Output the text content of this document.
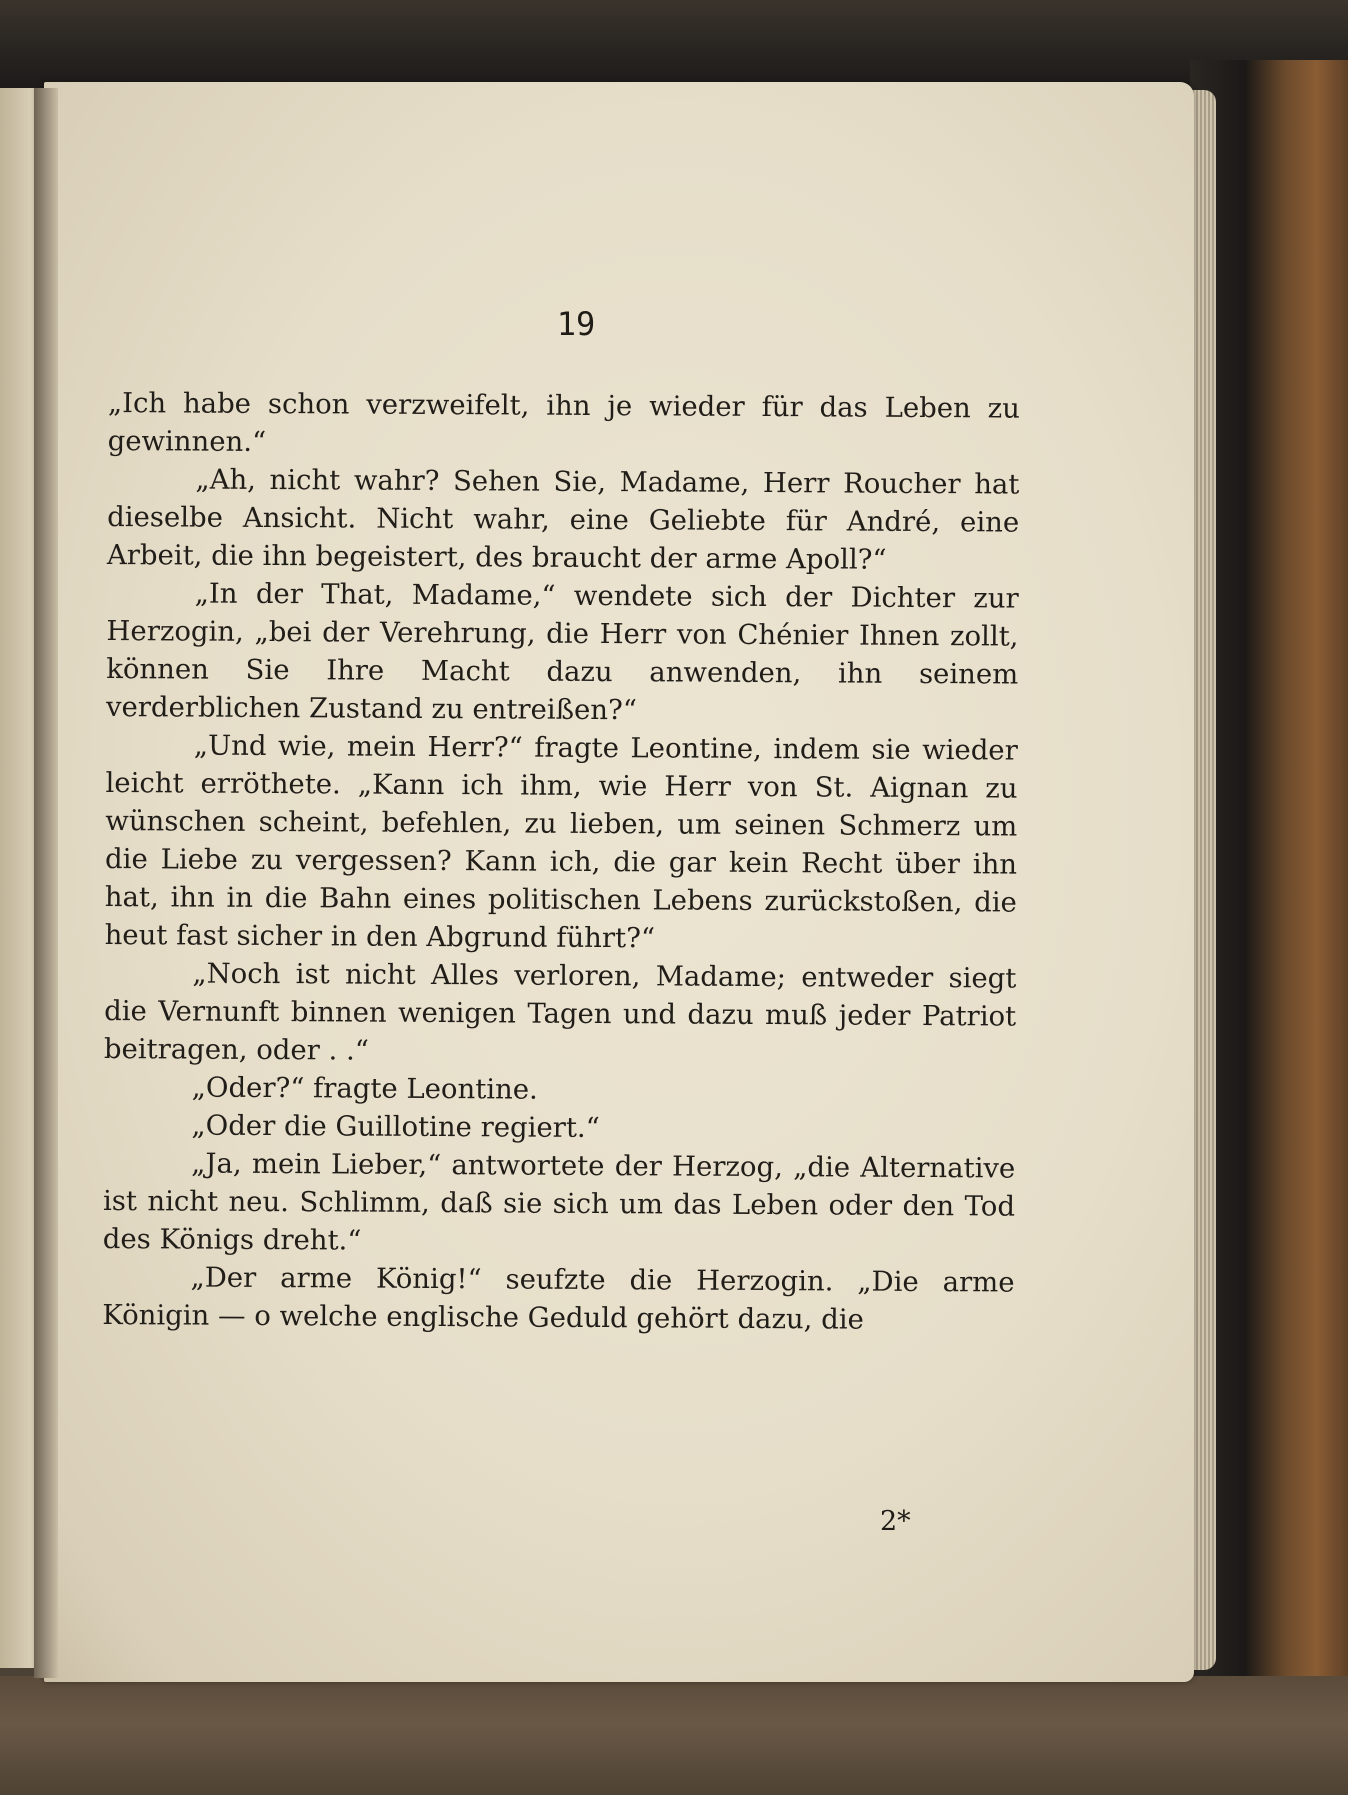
19

„Ich habe schon verzweifelt, ihn je wieder für das Leben zu gewinnen.“

„Ah, nicht wahr? Sehen Sie, Madame, Herr Roucher hat dieselbe Ansicht. Nicht wahr, eine Geliebte für André, eine Arbeit, die ihn begeistert, des braucht der arme Apoll?“

„In der That, Madame,“ wendete sich der Dichter zur Herzogin, „bei der Verehrung, die Herr von Chénier Ihnen zollt, können Sie Ihre Macht dazu anwenden, ihn seinem verderblichen Zustand zu entreißen?“

„Und wie, mein Herr?“ fragte Leontine, indem sie wieder leicht erröthete. „Kann ich ihm, wie Herr von St. Aignan zu wünschen scheint, befehlen, zu lieben, um seinen Schmerz um die Liebe zu vergessen? Kann ich, die gar kein Recht über ihn hat, ihn in die Bahn eines politischen Lebens zurückstoßen, die heut fast sicher in den Abgrund führt?“

„Noch ist nicht Alles verloren, Madame; entweder siegt die Vernunft binnen wenigen Tagen und dazu muß jeder Patriot beitragen, oder . .“

„Oder?“ fragte Leontine.

„Oder die Guillotine regiert.“

„Ja, mein Lieber,“ antwortete der Herzog, „die Alternative ist nicht neu. Schlimm, daß sie sich um das Leben oder den Tod des Königs dreht.“

„Der arme König!“ seufzte die Herzogin. „Die arme Königin — o welche englische Geduld gehört dazu, die

2*
